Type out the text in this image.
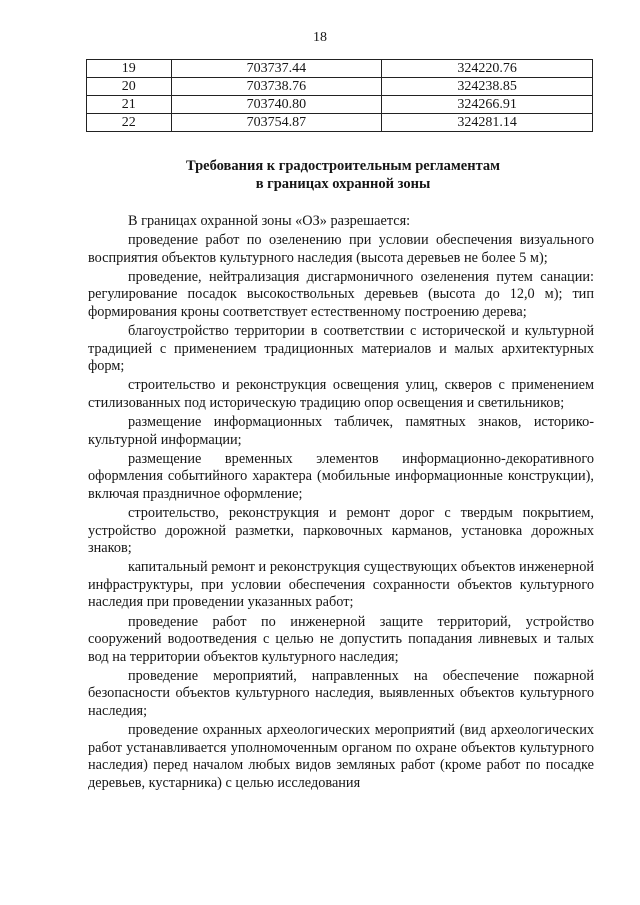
18
19	703737.44	324220.76
20	703738.76	324238.85
21	703740.80	324266.91
22	703754.87	324281.14
Требования к градостроительным регламентам
в границах охранной зоны

В границах охранной зоны «ОЗ» разрешается:

проведение работ по озеленению при условии обеспечения визуального восприятия объектов культурного наследия (высота деревьев не более 5 м);

проведение, нейтрализация дисгармоничного озеленения путем санации: регулирование посадок высокоствольных деревьев (высота до 12,0 м); тип формирования кроны соответствует естественному построению дерева;

благоустройство территории в соответствии с исторической и культурной традицией с применением традиционных материалов и малых архитектурных форм;

строительство и реконструкция освещения улиц, скверов с применением стилизованных под историческую традицию опор освещения и светильников;

размещение информационных табличек, памятных знаков, историко-культурной информации;

размещение временных элементов информационно-декоративного оформления событийного характера (мобильные информационные конструкции), включая праздничное оформление;

строительство, реконструкция и ремонт дорог с твердым покрытием, устройство дорожной разметки, парковочных карманов, установка дорожных знаков;

капитальный ремонт и реконструкция существующих объектов инженерной инфраструктуры, при условии обеспечения сохранности объектов культурного наследия при проведении указанных работ;

проведение работ по инженерной защите территорий, устройство сооружений водоотведения с целью не допустить попадания ливневых и талых вод на территории объектов культурного наследия;

проведение мероприятий, направленных на обеспечение пожарной безопасности объектов культурного наследия, выявленных объектов культурного наследия;

проведение охранных археологических мероприятий (вид археологических работ устанавливается уполномоченным органом по охране объектов культурного наследия) перед началом любых видов земляных работ (кроме работ по посадке деревьев, кустарника) с целью исследования
